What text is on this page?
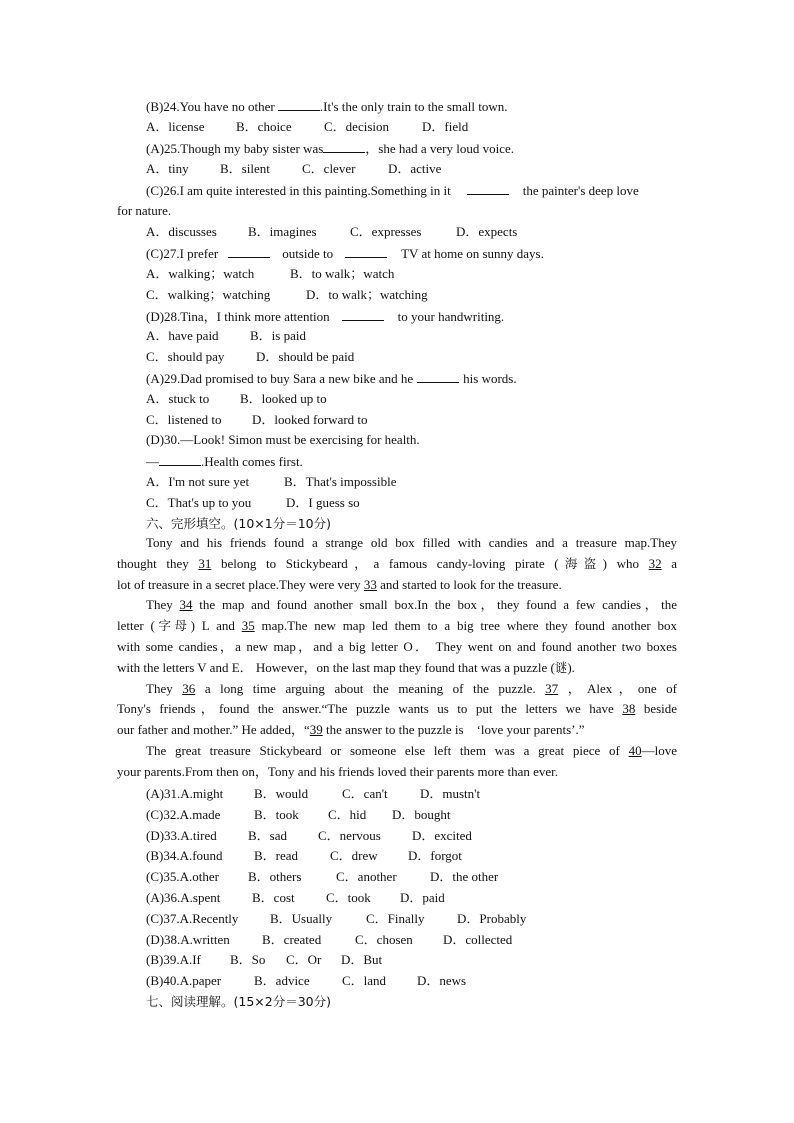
(B)24.You have no other	.It's the only train to the small town.
A．license	B．choice	C．decision	D．field
(A)25.Though my baby sister was	，she had a very loud voice.
A．tiny	B．silent	C．clever	D．active
(C)26.I am quite interested in this painting.Something in it	the painter's deep love
for nature.
A．discusses	B．imagines	C．expresses	D．expects
(C)27.I prefer	outside to	TV at home on sunny days.
A．walking；watch	B．to walk；watch
C．walking；watching	D．to walk；watching
(D)28.Tina，I think more attention	to your handwriting.
A．have paid	B．is paid
C．should pay	D．should be paid
(A)29.Dad promised to buy Sara a new bike and he	his words.
A．stuck to	B．looked up to
C．listened to	D．looked forward to
(D)30.—Look! Simon must be exercising for health.
—	.Health comes first.
A．I'm not sure yet	B．That's impossible
C．That's up to you	D．I guess so
六、完形填空。(10×1分＝10分)
Tony and his friends found a strange old box filled with candies and a treasure map.They
thought they 31 belong to Stickybeard，a famous candy-loving pirate (海盗) who 32 a
lot of treasure in a secret place.They were very 33 and started to look for the treasure.
They 34 the map and found another small box.In the box，they found a few candies，the
letter (字母) L and 35 map.The new map led them to a big tree where they found another box
with some candies，a new map，and a big letter O． They went on and found another two boxes
with the letters V and E． However，on the last map they found that was a puzzle (谜).
They 36 a long time arguing about the meaning of the puzzle. 37 ，Alex，one of
Tony's friends，found the answer.“The puzzle wants us to put the letters we have 38 beside
our father and mother.” He added，“39 the answer to the puzzle is　‘love your parents’.”
The great treasure Stickybeard or someone else left them was a great piece of 40—love
your parents.From then on，Tony and his friends loved their parents more than ever.
(A)31.A.might	B．would	C．can't	D．mustn't
(C)32.A.made	B．took	C．hid	D．bought
(D)33.A.tired	B．sad	C．nervous	D．excited
(B)34.A.found	B．read	C．drew	D．forgot
(C)35.A.other	B．others	C．another	D．the other
(A)36.A.spent	B．cost	C．took	D．paid
(C)37.A.Recently	B．Usually	C．Finally	D．Probably
(D)38.A.written	B．created	C．chosen	D．collected
(B)39.A.If	B．So	C．Or	D．But
(B)40.A.paper	B．advice	C．land	D．news
七、阅读理解。(15×2分＝30分)
